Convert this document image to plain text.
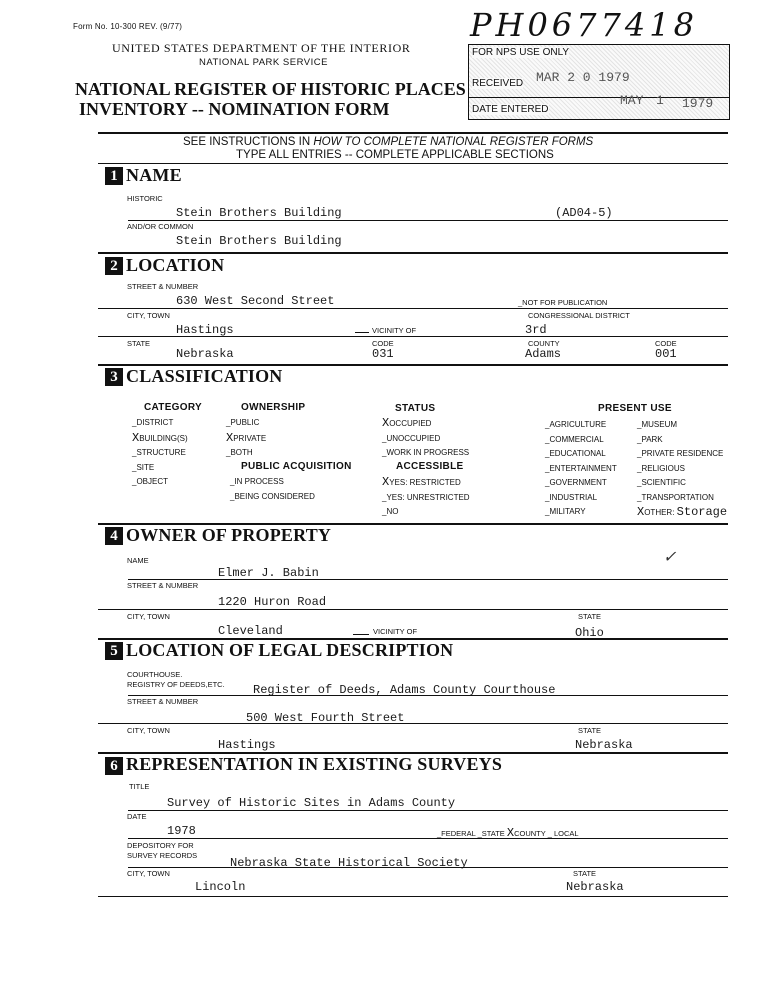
Form No. 10-300 REV. (9/77)
UNITED STATES DEPARTMENT OF THE INTERIOR
NATIONAL PARK SERVICE
NATIONAL REGISTER OF HISTORIC PLACES
INVENTORY -- NOMINATION FORM
PH0677418
FOR NPS USE ONLY
RECEIVED MAR 2 0 1979
DATE ENTERED
MAY 1 1979
SEE INSTRUCTIONS IN HOW TO COMPLETE NATIONAL REGISTER FORMS
TYPE ALL ENTRIES -- COMPLETE APPLICABLE SECTIONS
1 NAME
HISTORIC
Stein Brothers Building	(AD04-5)
AND/OR COMMON
Stein Brothers Building
2 LOCATION
STREET & NUMBER
630 West Second Street	_NOT FOR PUBLICATION
CITY, TOWN	CONGRESSIONAL DISTRICT
Hastings	VICINITY OF	3rd
STATE	CODE	COUNTY	CODE
Nebraska	031	Adams	001
3 CLASSIFICATION
CATEGORY	OWNERSHIP	STATUS	PRESENT USE
_DISTRICT
XBUILDING(S)
_STRUCTURE
_SITE
_OBJECT
_PUBLIC
XPRIVATE
_BOTH
PUBLIC ACQUISITION
_IN PROCESS
_BEING CONSIDERED
XOCCUPIED
_UNOCCUPIED
_WORK IN PROGRESS
ACCESSIBLE
XYES: RESTRICTED
_YES: UNRESTRICTED
_NO
_AGRICULTURE
_COMMERCIAL
_EDUCATIONAL
_ENTERTAINMENT
_GOVERNMENT
_INDUSTRIAL
_MILITARY
_MUSEUM
_PARK
_PRIVATE RESIDENCE
_RELIGIOUS
_SCIENTIFIC
_TRANSPORTATION
XOTHER: Storage
4 OWNER OF PROPERTY
✓
NAME
Elmer J. Babin
STREET & NUMBER
1220 Huron Road
CITY, TOWN	STATE
Cleveland	VICINITY OF	Ohio
5 LOCATION OF LEGAL DESCRIPTION
COURTHOUSE.
REGISTRY OF DEEDS,ETC. Register of Deeds, Adams County Courthouse
STREET & NUMBER
500 West Fourth Street
CITY, TOWN	STATE
Hastings	Nebraska
6 REPRESENTATION IN EXISTING SURVEYS
TITLE
Survey of Historic Sites in Adams County
DATE
1978	_FEDERAL _STATE XCOUNTY _ LOCAL
DEPOSITORY FOR
SURVEY RECORDS
Nebraska State Historical Society
CITY, TOWN	STATE
Lincoln	Nebraska
